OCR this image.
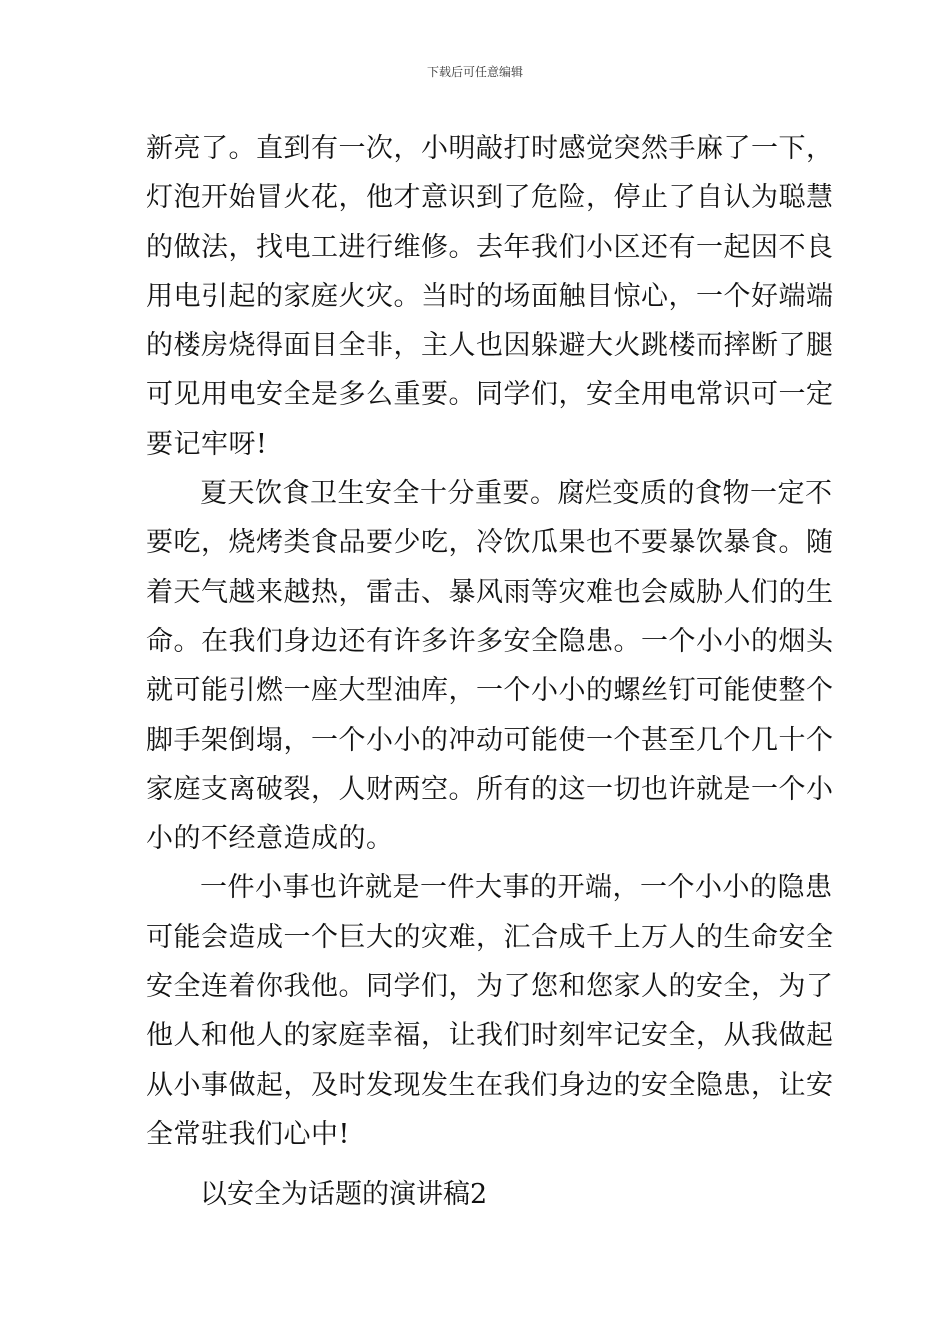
下载后可任意编辑
新亮了。直到有一次，小明敲打时感觉突然手麻了一下，
灯泡开始冒火花，他才意识到了危险，停止了自认为聪慧
的做法，找电工进行维修。去年我们小区还有一起因不良
用电引起的家庭火灾。当时的场面触目惊心，一个好端端
的楼房烧得面目全非，主人也因躲避大火跳楼而摔断了腿
可见用电安全是多么重要。同学们，安全用电常识可一定
要记牢呀!
夏天饮食卫生安全十分重要。腐烂变质的食物一定不
要吃，烧烤类食品要少吃，冷饮瓜果也不要暴饮暴食。随
着天气越来越热，雷击、暴风雨等灾难也会威胁人们的生
命。在我们身边还有许多许多安全隐患。一个小小的烟头
就可能引燃一座大型油库，一个小小的螺丝钉可能使整个
脚手架倒塌，一个小小的冲动可能使一个甚至几个几十个
家庭支离破裂，人财两空。所有的这一切也许就是一个小
小的不经意造成的。
一件小事也许就是一件大事的开端，一个小小的隐患
可能会造成一个巨大的灾难，汇合成千上万人的生命安全
安全连着你我他。同学们，为了您和您家人的安全，为了
他人和他人的家庭幸福，让我们时刻牢记安全，从我做起
从小事做起，及时发现发生在我们身边的安全隐患，让安
全常驻我们心中!
以安全为话题的演讲稿2
